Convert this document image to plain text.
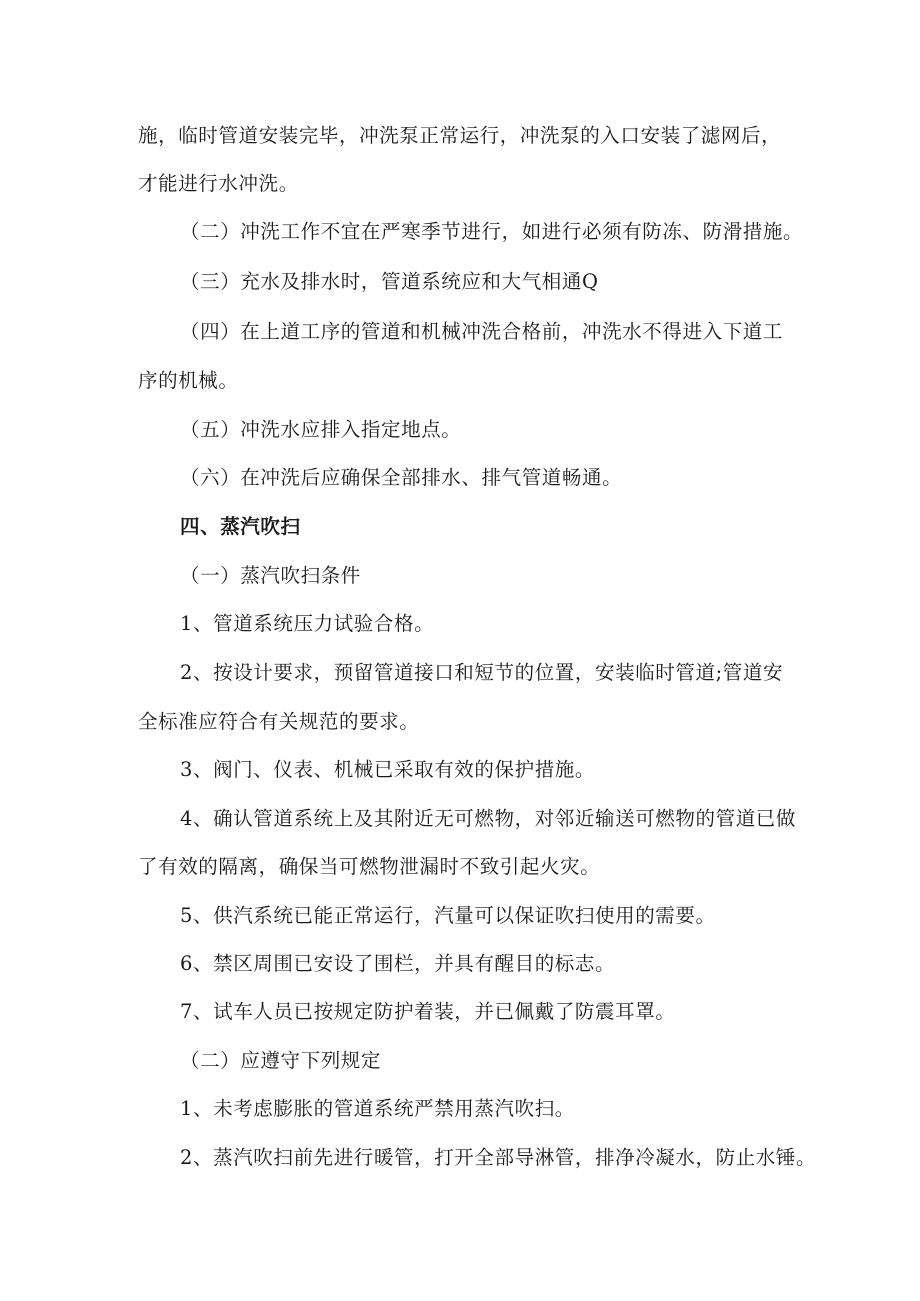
施，临时管道安装完毕，冲洗泵正常运行，冲洗泵的入口安装了滤网后，
才能进行水冲洗。
（二）冲洗工作不宜在严寒季节进行，如进行必须有防冻、防滑措施。
（三）充水及排水时，管道系统应和大气相通Q
（四）在上道工序的管道和机械冲洗合格前，冲洗水不得进入下道工
序的机械。
（五）冲洗水应排入指定地点。
（六）在冲洗后应确保全部排水、排气管道畅通。
四、蒸汽吹扫
（一）蒸汽吹扫条件
1、管道系统压力试验合格。
2、按设计要求，预留管道接口和短节的位置，安装临时管道;管道安
全标准应符合有关规范的要求。
3、阀门、仪表、机械已采取有效的保护措施。
4、确认管道系统上及其附近无可燃物，对邻近输送可燃物的管道已做
了有效的隔离，确保当可燃物泄漏时不致引起火灾。
5、供汽系统已能正常运行，汽量可以保证吹扫使用的需要。
6、禁区周围已安设了围栏，并具有醒目的标志。
7、试车人员已按规定防护着装，并已佩戴了防震耳罩。
（二）应遵守下列规定
1、未考虑膨胀的管道系统严禁用蒸汽吹扫。
2、蒸汽吹扫前先进行暖管，打开全部导淋管，排净冷凝水，防止水锤。
